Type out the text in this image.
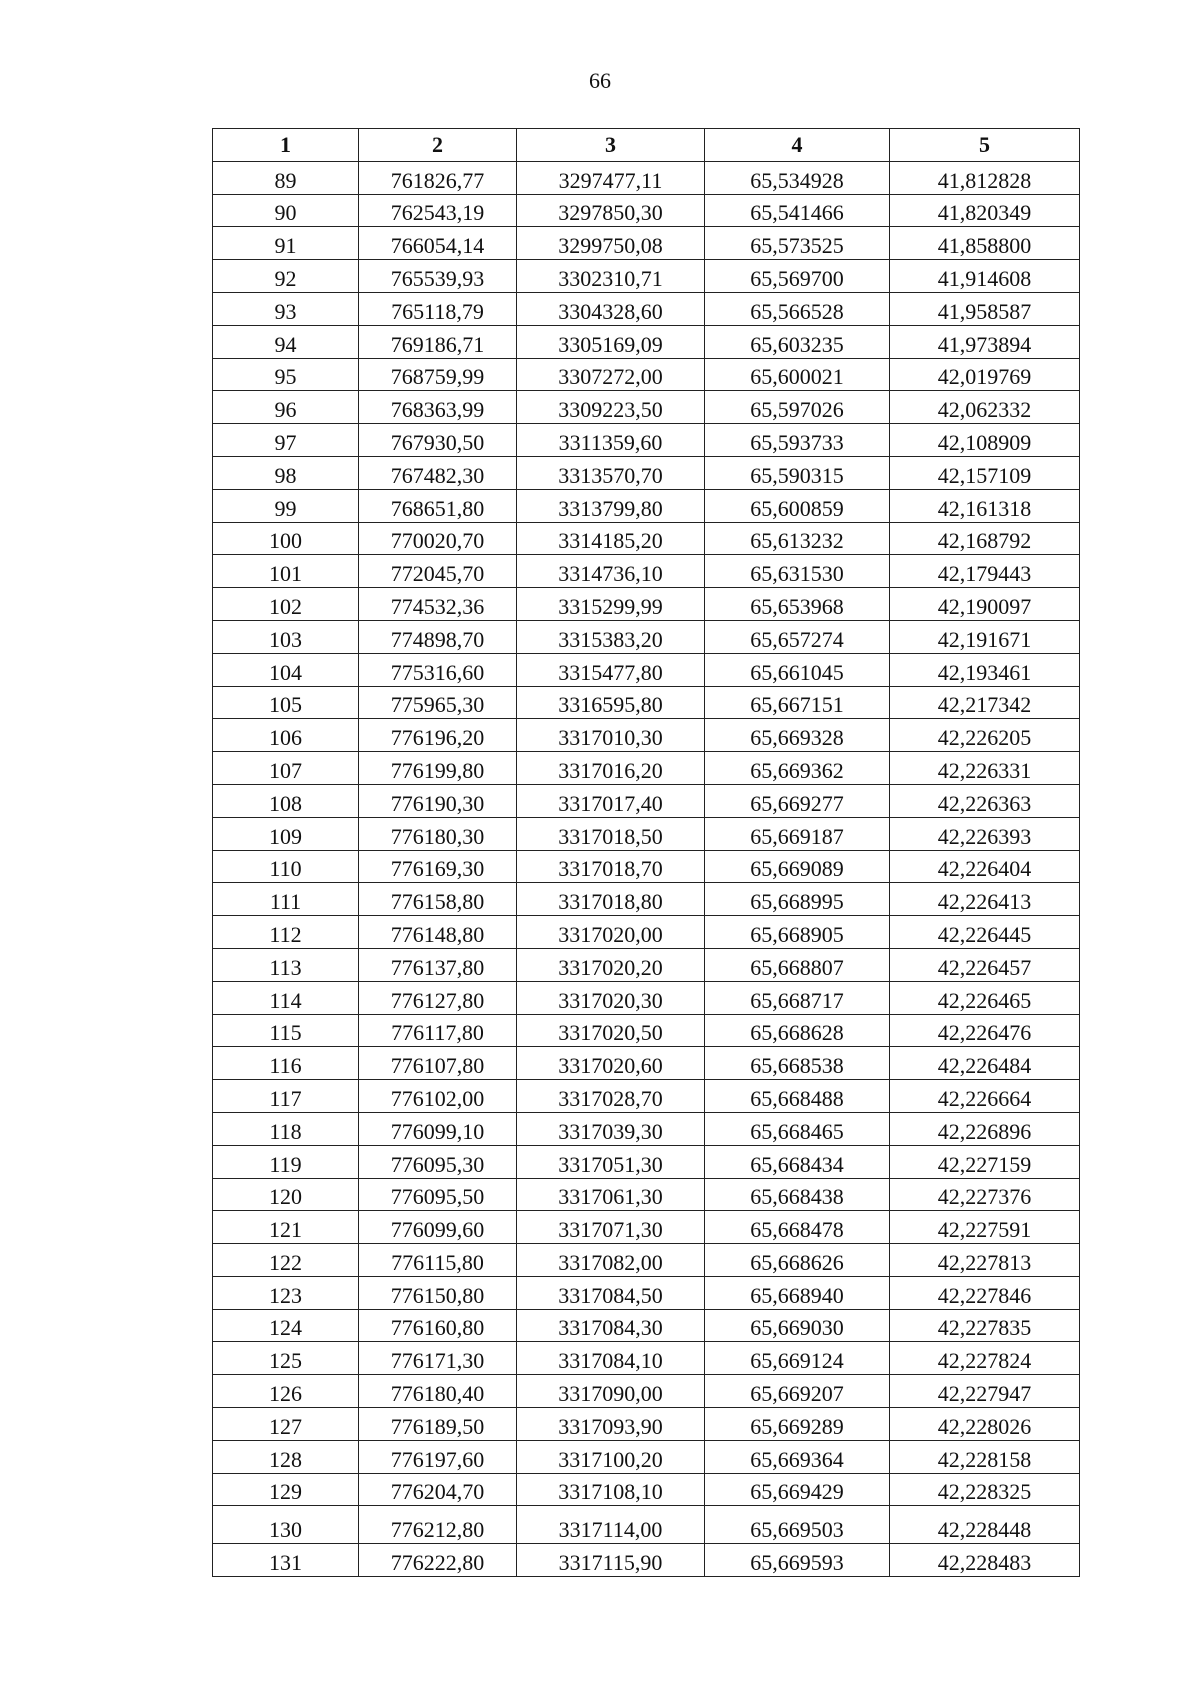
66
1	2	3	4	5
89	761826,77	3297477,11	65,534928	41,812828
90	762543,19	3297850,30	65,541466	41,820349
91	766054,14	3299750,08	65,573525	41,858800
92	765539,93	3302310,71	65,569700	41,914608
93	765118,79	3304328,60	65,566528	41,958587
94	769186,71	3305169,09	65,603235	41,973894
95	768759,99	3307272,00	65,600021	42,019769
96	768363,99	3309223,50	65,597026	42,062332
97	767930,50	3311359,60	65,593733	42,108909
98	767482,30	3313570,70	65,590315	42,157109
99	768651,80	3313799,80	65,600859	42,161318
100	770020,70	3314185,20	65,613232	42,168792
101	772045,70	3314736,10	65,631530	42,179443
102	774532,36	3315299,99	65,653968	42,190097
103	774898,70	3315383,20	65,657274	42,191671
104	775316,60	3315477,80	65,661045	42,193461
105	775965,30	3316595,80	65,667151	42,217342
106	776196,20	3317010,30	65,669328	42,226205
107	776199,80	3317016,20	65,669362	42,226331
108	776190,30	3317017,40	65,669277	42,226363
109	776180,30	3317018,50	65,669187	42,226393
110	776169,30	3317018,70	65,669089	42,226404
111	776158,80	3317018,80	65,668995	42,226413
112	776148,80	3317020,00	65,668905	42,226445
113	776137,80	3317020,20	65,668807	42,226457
114	776127,80	3317020,30	65,668717	42,226465
115	776117,80	3317020,50	65,668628	42,226476
116	776107,80	3317020,60	65,668538	42,226484
117	776102,00	3317028,70	65,668488	42,226664
118	776099,10	3317039,30	65,668465	42,226896
119	776095,30	3317051,30	65,668434	42,227159
120	776095,50	3317061,30	65,668438	42,227376
121	776099,60	3317071,30	65,668478	42,227591
122	776115,80	3317082,00	65,668626	42,227813
123	776150,80	3317084,50	65,668940	42,227846
124	776160,80	3317084,30	65,669030	42,227835
125	776171,30	3317084,10	65,669124	42,227824
126	776180,40	3317090,00	65,669207	42,227947
127	776189,50	3317093,90	65,669289	42,228026
128	776197,60	3317100,20	65,669364	42,228158
129	776204,70	3317108,10	65,669429	42,228325
130	776212,80	3317114,00	65,669503	42,228448
131	776222,80	3317115,90	65,669593	42,228483
